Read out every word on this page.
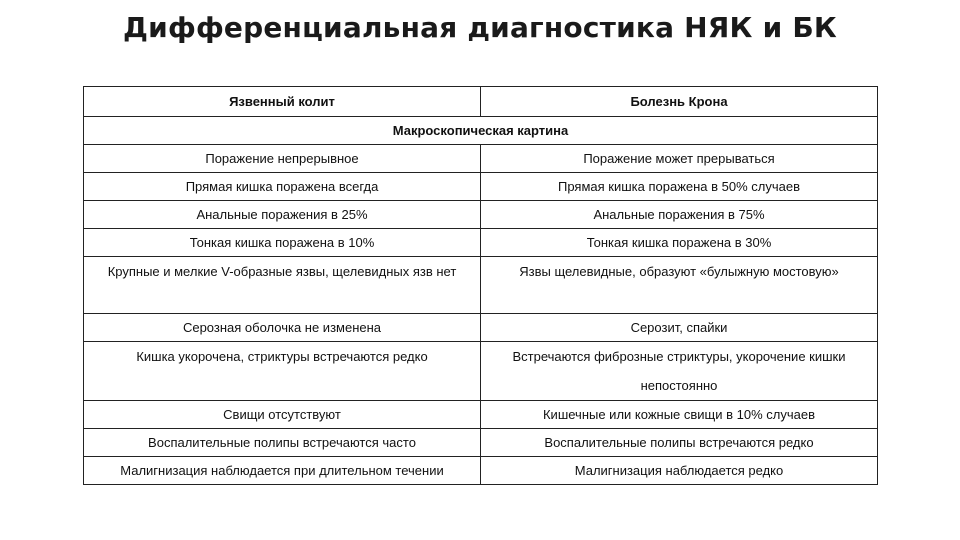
Дифференциальная диагностика НЯК и БК
Язвенный колит	Болезнь Крона
Макроскопическая картина	
Поражение непрерывное	Поражение может прерываться
Прямая кишка поражена всегда	Прямая кишка поражена в 50% случаев
Анальные поражения в 25%	Анальные поражения в 75%
Тонкая кишка поражена в 10%	Тонкая кишка поражена в 30%

Крупные и мелкие V-образные язвы, щелевидных язв нет	Язвы щелевидные, образуют «булыжную мостовую»

Серозная оболочка не изменена	Серозит, спайки

Кишка укорочена, стриктуры встречаются редко	Встречаются фиброзные стриктуры, укорочение кишки непостоянно

Свищи отсутствуют	Кишечные или кожные свищи в 10% случаев
Воспалительные полипы встречаются часто	Воспалительные полипы встречаются редко
Малигнизация наблюдается при длительном течении	Малигнизация наблюдается редко
